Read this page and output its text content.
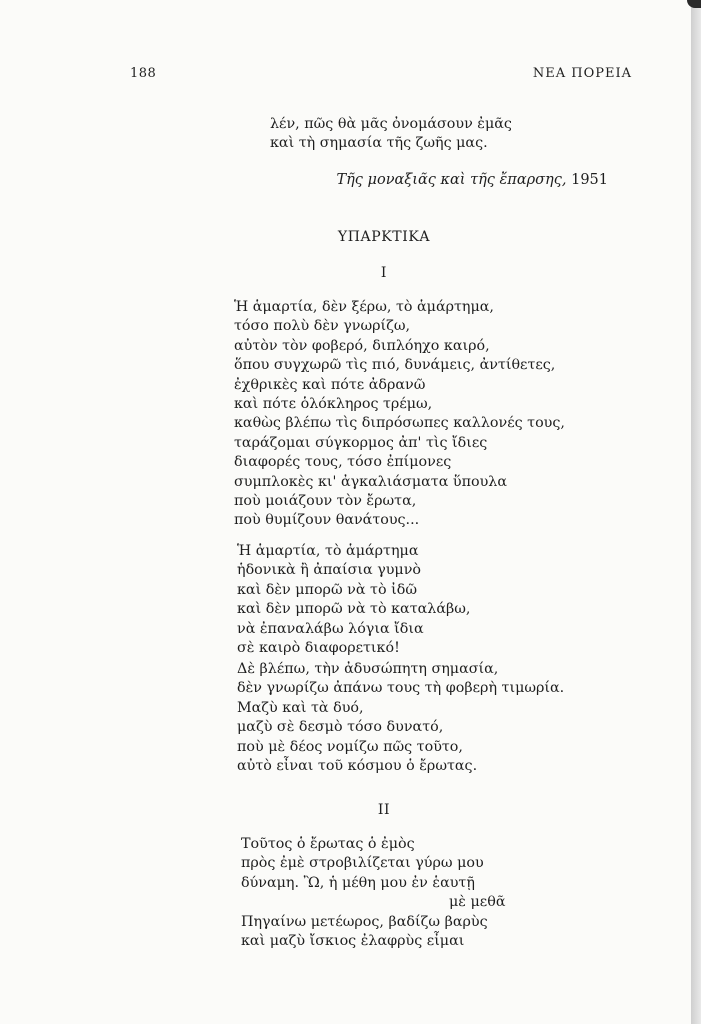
188	ΝΕΑ ΠΟΡΕΙΑ
λέν, πῶς θὰ μᾶς ὀνομάσουν ἐμᾶς
καὶ τὴ σημασία τῆς ζωῆς μας.
Τῆς μοναξιᾶς καὶ τῆς ἔπαρσης, 1951
ΥΠΑΡΚΤΙΚΑ
I
Ἡ ἁμαρτία, δὲν ξέρω, τὸ ἁμάρτημα,
τόσο πολὺ δὲν γνωρίζω,
αὐτὸν τὸν φοβερό, διπλόηχο καιρό,
ὅπου συγχωρῶ τὶς πιό, δυνάμεις, ἀντίθετες,
ἐχθρικὲς καὶ πότε ἀδρανῶ
καὶ πότε ὁλόκληρος τρέμω,
καθὼς βλέπω τὶς διπρόσωπες καλλονές τους,
ταράζομαι σύγκορμος ἀπ' τὶς ἴδιες
διαφορές τους, τόσο ἐπίμονες
συμπλοκὲς κι' ἀγκαλιάσματα ὕπουλα
ποὺ μοιάζουν τὸν ἔρωτα,
ποὺ θυμίζουν θανάτους...
Ἡ ἁμαρτία, τὸ ἁμάρτημα
ἡδονικὰ ἢ ἀπαίσια γυμνὸ
καὶ δὲν μπορῶ νὰ τὸ ἰδῶ
καὶ δὲν μπορῶ νὰ τὸ καταλάβω,
νὰ ἐπαναλάβω λόγια ἴδια
σὲ καιρὸ διαφορετικό!
Δὲ βλέπω, τὴν ἀδυσώπητη σημασία,
δὲν γνωρίζω ἀπάνω τους τὴ φοβερὴ τιμωρία.
Μαζὺ καὶ τὰ δυό,
μαζὺ σὲ δεσμὸ τόσο δυνατό,
ποὺ μὲ δέος νομίζω πῶς τοῦτο,
αὐτὸ εἶναι τοῦ κόσμου ὁ ἔρωτας.
II
Τοῦτος ὁ ἔρωτας ὁ ἐμὸς
πρὸς ἐμὲ στροβιλίζεται γύρω μου
δύναμη. Ὢ, ἡ μέθη μου ἐν ἑαυτῇ
μὲ μεθᾶ
Πηγαίνω μετέωρος, βαδίζω βαρὺς
καὶ μαζὺ ἴσκιος ἐλαφρὺς εἶμαι
